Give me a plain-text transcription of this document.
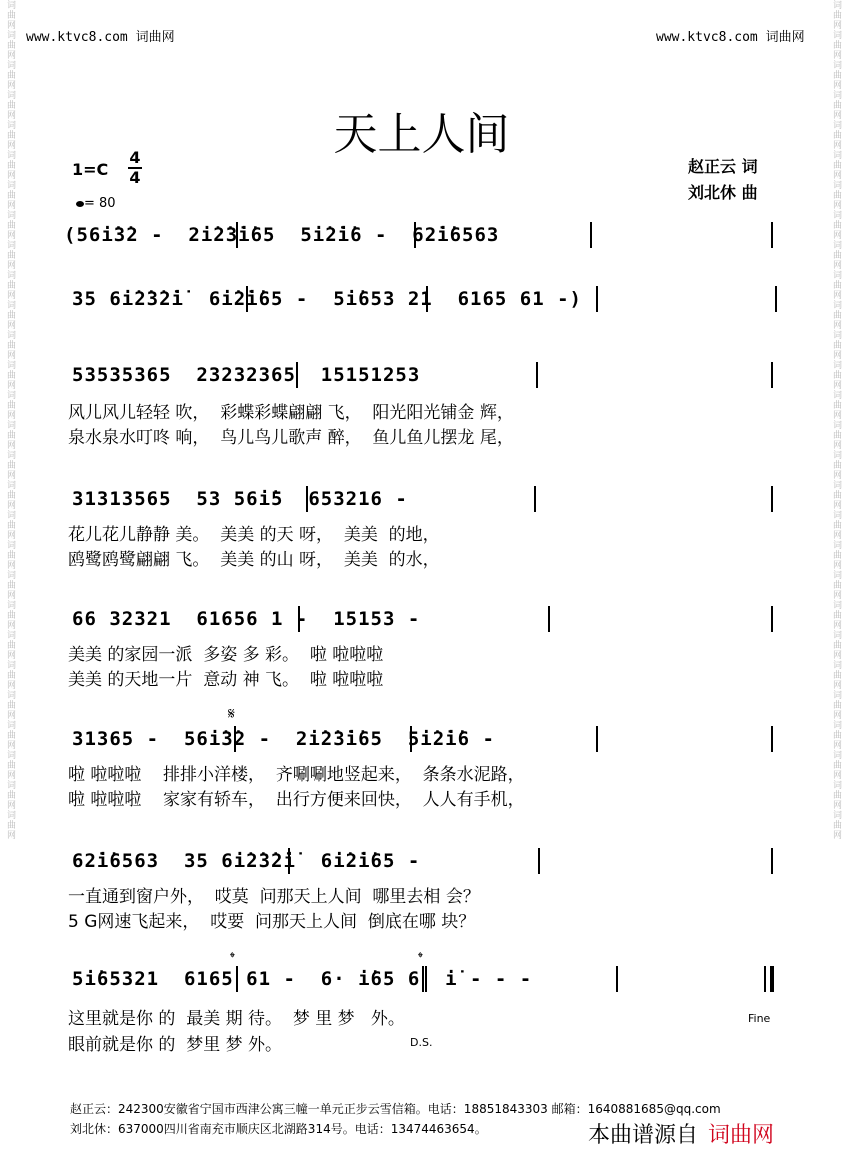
词曲网词曲网词曲网词曲网词曲网词曲网词曲网词曲网词曲网词曲网词曲网词曲网词曲网词曲网词曲网词曲网词曲网词曲网词曲网词曲网词曲网词曲网词曲网词曲网词曲网词曲网词曲网词曲网	词曲网词曲网词曲网词曲网词曲网词曲网词曲网词曲网词曲网词曲网词曲网词曲网词曲网词曲网词曲网词曲网词曲网词曲网词曲网词曲网词曲网词曲网词曲网词曲网词曲网词曲网词曲网词曲网
www.ktvc8.com 词曲网	www.ktvc8.com 词曲网
天上人间
赵正云 词
刘北休 曲
1=C
4
4
= 80
(56i̇3̇2 -  2i̇2̇3̇i̇65  5i̇2̇i̇6 -  62̇i̇6563
35 6i̇2̇3̇2̇i̇  6i̇2̇i̇65 -  5i̇653 21  6165 61 -)
53535365  23232365  15151253
风儿风儿轻轻 吹，  彩蝶彩蝶翩翩 飞，  阳光阳光铺金 辉，
泉水泉水叮咚 响，  鸟儿鸟儿歌声 醉，  鱼儿鱼儿摆龙 尾，
31313565  53 56i̇5  653216 -
花儿花儿静静 美。  美美 的天 呀，  美美  的地，
鸥鹭鸥鹭翩翩 飞。  美美 的山 呀，  美美  的水，
66 32321  61656 1 -  15153 -
美美 的家园一派  多姿 多 彩。  啦 啦啦啦
美美 的天地一片  意动 神 飞。  啦 啦啦啦
𝄋
31365 -  56i̇3̇2 -  2i̇2̇3̇i̇65  5i̇2̇i̇6 -
啦 啦啦啦    排排小洋楼，  齐唰唰地竖起来，  条条水泥路，
啦 啦啦啦    家家有轿车，  出行方便来回快，  人人有手机，
62̇i̇6563  35 6i̇2̇3̇2̇i̇  6i̇2̇i̇65 -
一直通到窗户外，  哎莫  问那天上人间  哪里去相 会？
5 G网速飞起来，  哎要  问那天上人间  倒底在哪 块？
𝄌	𝄌
5i̇65321  6165 61 -  6· i̇65 6  i̇ - - -
这里就是你 的  最美 期 待。  梦 里 梦   外。
眼前就是你 的  梦里 梦 外。
Fine
D.S.
赵正云：242300安徽省宁国市西津公寓三幢一单元正步云雪信箱。电话：18851843303 邮箱：1640881685@qq.com
刘北休：637000四川省南充市顺庆区北湖路314号。电话：13474463654。	本曲谱源自 词曲网
